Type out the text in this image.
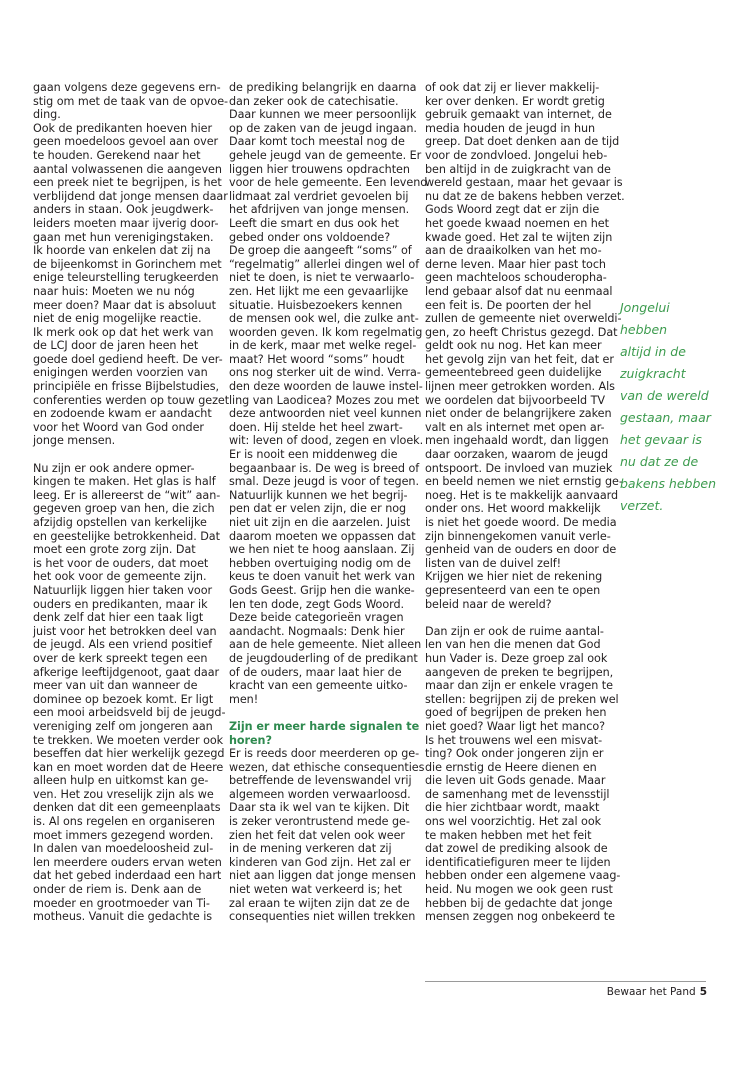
gaan volgens deze gegevens ern-
stig om met de taak van de opvoe-
ding.
Ook de predikanten hoeven hier
geen moedeloos gevoel aan over
te houden. Gerekend naar het
aantal volwassenen die aangeven
een preek niet te begrijpen, is het
verblijdend dat jonge mensen daar
anders in staan. Ook jeugdwerk-
leiders moeten maar ijverig door-
gaan met hun verenigingstaken.
Ik hoorde van enkelen dat zij na
de bijeenkomst in Gorinchem met
enige teleurstelling terugkeerden
naar huis: Moeten we nu nóg
meer doen? Maar dat is absoluut
niet de enig mogelijke reactie.
Ik merk ook op dat het werk van
de LCJ door de jaren heen het
goede doel gediend heeft. De ver-
enigingen werden voorzien van
principiële en frisse Bijbelstudies,
conferenties werden op touw gezet
en zodoende kwam er aandacht
voor het Woord van God onder
jonge mensen.
Nu zijn er ook andere opmer-
kingen te maken. Het glas is half
leeg. Er is allereerst de “wit” aan-
gegeven groep van hen, die zich
afzijdig opstellen van kerkelijke
en geestelijke betrokkenheid. Dat
moet een grote zorg zijn. Dat
is het voor de ouders, dat moet
het ook voor de gemeente zijn.
Natuurlijk liggen hier taken voor
ouders en predikanten, maar ik
denk zelf dat hier een taak ligt
juist voor het betrokken deel van
de jeugd. Als een vriend positief
over de kerk spreekt tegen een
afkerige leeftijdgenoot, gaat daar
meer van uit dan wanneer de
dominee op bezoek komt. Er ligt
een mooi arbeidsveld bij de jeugd-
vereniging zelf om jongeren aan
te trekken. We moeten verder ook
beseffen dat hier werkelijk gezegd
kan en moet worden dat de Heere
alleen hulp en uitkomst kan ge-
ven. Het zou vreselijk zijn als we
denken dat dit een gemeenplaats
is. Al ons regelen en organiseren
moet immers gezegend worden.
In dalen van moedeloosheid zul-
len meerdere ouders ervan weten
dat het gebed inderdaad een hart
onder de riem is. Denk aan de
moeder en grootmoeder van Ti-
motheus. Vanuit die gedachte is
de prediking belangrijk en daarna
dan zeker ook de catechisatie.
Daar kunnen we meer persoonlijk
op de zaken van de jeugd ingaan.
Daar komt toch meestal nog de
gehele jeugd van de gemeente. Er
liggen hier trouwens opdrachten
voor de hele gemeente. Een levend
lidmaat zal verdriet gevoelen bij
het afdrijven van jonge mensen.
Leeft die smart en dus ook het
gebed onder ons voldoende?
De groep die aangeeft “soms” of
“regelmatig” allerlei dingen wel of
niet te doen, is niet te verwaarlo-
zen. Het lijkt me een gevaarlijke
situatie. Huisbezoekers kennen
de mensen ook wel, die zulke ant-
woorden geven. Ik kom regelmatig
in de kerk, maar met welke regel-
maat? Het woord “soms” houdt
ons nog sterker uit de wind. Verra-
den deze woorden de lauwe instel-
ling van Laodicea? Mozes zou met
deze antwoorden niet veel kunnen
doen. Hij stelde het heel zwart-
wit: leven of dood, zegen en vloek.
Er is nooit een middenweg die
begaanbaar is. De weg is breed of
smal. Deze jeugd is voor of tegen.
Natuurlijk kunnen we het begrij-
pen dat er velen zijn, die er nog
niet uit zijn en die aarzelen. Juist
daarom moeten we oppassen dat
we hen niet te hoog aanslaan. Zij
hebben overtuiging nodig om de
keus te doen vanuit het werk van
Gods Geest. Grijp hen die wanke-
len ten dode, zegt Gods Woord.
Deze beide categorieën vragen
aandacht. Nogmaals: Denk hier
aan de hele gemeente. Niet alleen
de jeugdouderling of de predikant
of de ouders, maar laat hier de
kracht van een gemeente uitko-
men!
Zijn er meer harde signalen te
horen?
Er is reeds door meerderen op ge-
wezen, dat ethische consequenties
betreffende de levenswandel vrij
algemeen worden verwaarloosd.
Daar sta ik wel van te kijken. Dit
is zeker verontrustend mede ge-
zien het feit dat velen ook weer
in de mening verkeren dat zij
kinderen van God zijn. Het zal er
niet aan liggen dat jonge mensen
niet weten wat verkeerd is; het
zal eraan te wijten zijn dat ze de
consequenties niet willen trekken
of ook dat zij er liever makkelij-
ker over denken. Er wordt gretig
gebruik gemaakt van internet, de
media houden de jeugd in hun
greep. Dat doet denken aan de tijd
voor de zondvloed. Jongelui heb-
ben altijd in de zuigkracht van de
wereld gestaan, maar het gevaar is
nu dat ze de bakens hebben verzet.
Gods Woord zegt dat er zijn die
het goede kwaad noemen en het
kwade goed. Het zal te wijten zijn
aan de draaikolken van het mo-
derne leven. Maar hier past toch
geen machteloos schouderopha-
lend gebaar alsof dat nu eenmaal
een feit is. De poorten der hel
zullen de gemeente niet overweldi-
gen, zo heeft Christus gezegd. Dat
geldt ook nu nog. Het kan meer
het gevolg zijn van het feit, dat er
gemeentebreed geen duidelijke
lijnen meer getrokken worden. Als
we oordelen dat bijvoorbeeld TV
niet onder de belangrijkere zaken
valt en als internet met open ar-
men ingehaald wordt, dan liggen
daar oorzaken, waarom de jeugd
ontspoort. De invloed van muziek
en beeld nemen we niet ernstig ge-
noeg. Het is te makkelijk aanvaard
onder ons. Het woord makkelijk
is niet het goede woord. De media
zijn binnengekomen vanuit verle-
genheid van de ouders en door de
listen van de duivel zelf!
Krijgen we hier niet de rekening
gepresenteerd van een te open
beleid naar de wereld?
Dan zijn er ook de ruime aantal-
len van hen die menen dat God
hun Vader is. Deze groep zal ook
aangeven de preken te begrijpen,
maar dan zijn er enkele vragen te
stellen: begrijpen zij de preken wel
goed of begrijpen de preken hen
niet goed? Waar ligt het manco?
Is het trouwens wel een misvat-
ting? Ook onder jongeren zijn er
die ernstig de Heere dienen en
die leven uit Gods genade. Maar
de samenhang met de levensstijl
die hier zichtbaar wordt, maakt
ons wel voorzichtig. Het zal ook
te maken hebben met het feit
dat zowel de prediking alsook de
identificatiefiguren meer te lijden
hebben onder een algemene vaag-
heid. Nu mogen we ook geen rust
hebben bij de gedachte dat jonge
mensen zeggen nog onbekeerd te
Jongelui
hebben
altijd in de
zuigkracht
van de wereld
gestaan, maar
het gevaar is
nu dat ze de
bakens hebben
verzet.
Bewaar het Pand 5
